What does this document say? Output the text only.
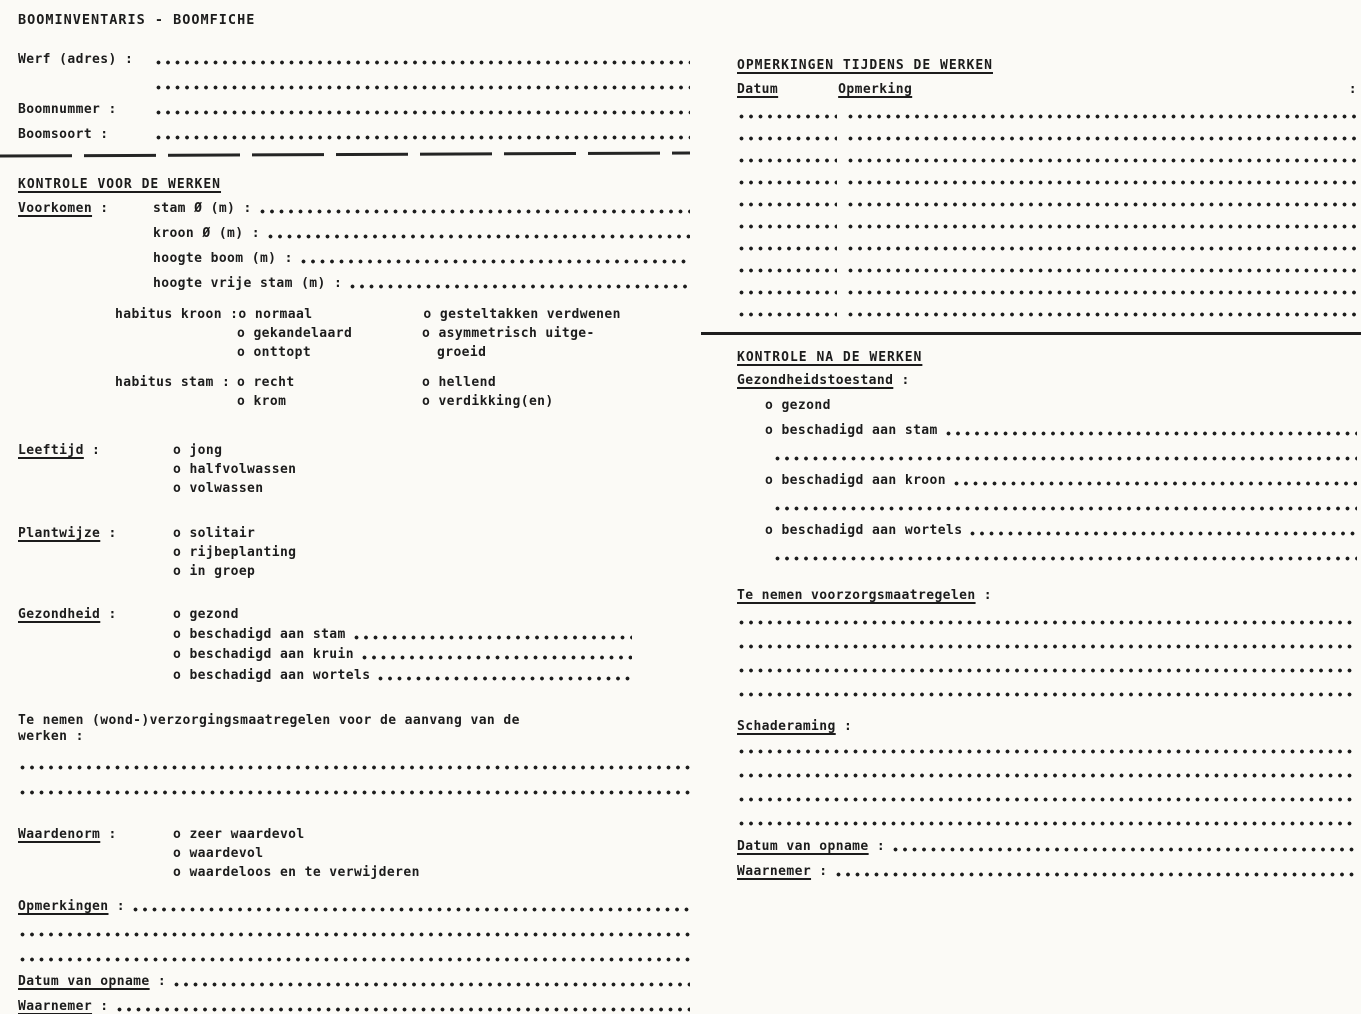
BOOMINVENTARIS - BOOMFICHE
Werf (adres) :
Boomnummer :
Boomsoort :
KONTROLE VOOR DE WERKEN
Voorkomen :	stam Ø (m) :
kroon Ø (m) :
hoogte boom (m) :
hoogte vrije stam (m) :
habitus kroon : o normaal	o gesteltakken verdwenen
o gekandelaard	o asymmetrisch uitge-
o onttopt	groeid
habitus stam : o recht	o hellend
o krom	o verdikking(en)
Leeftijd :	o jong
o halfvolwassen
o volwassen
Plantwijze :	o solitair
o rijbeplanting
o in groep
Gezondheid :	o gezond
o beschadigd aan stam
o beschadigd aan kruin
o beschadigd aan wortels
Te nemen (wond-)verzorgingsmaatregelen voor de aanvang van de
werken :
Waardenorm :	o zeer waardevol
o waardevol
o waardeloos en te verwijderen
Opmerkingen :
Datum van opname :
Waarnemer :
OPMERKINGEN TIJDENS DE WERKEN
Datum	Opmerking	:
KONTROLE NA DE WERKEN
Gezondheidstoestand :
o gezond
o beschadigd aan stam
o beschadigd aan kroon
o beschadigd aan wortels
Te nemen voorzorgsmaatregelen :
Schaderaming :
Datum van opname :
Waarnemer :
